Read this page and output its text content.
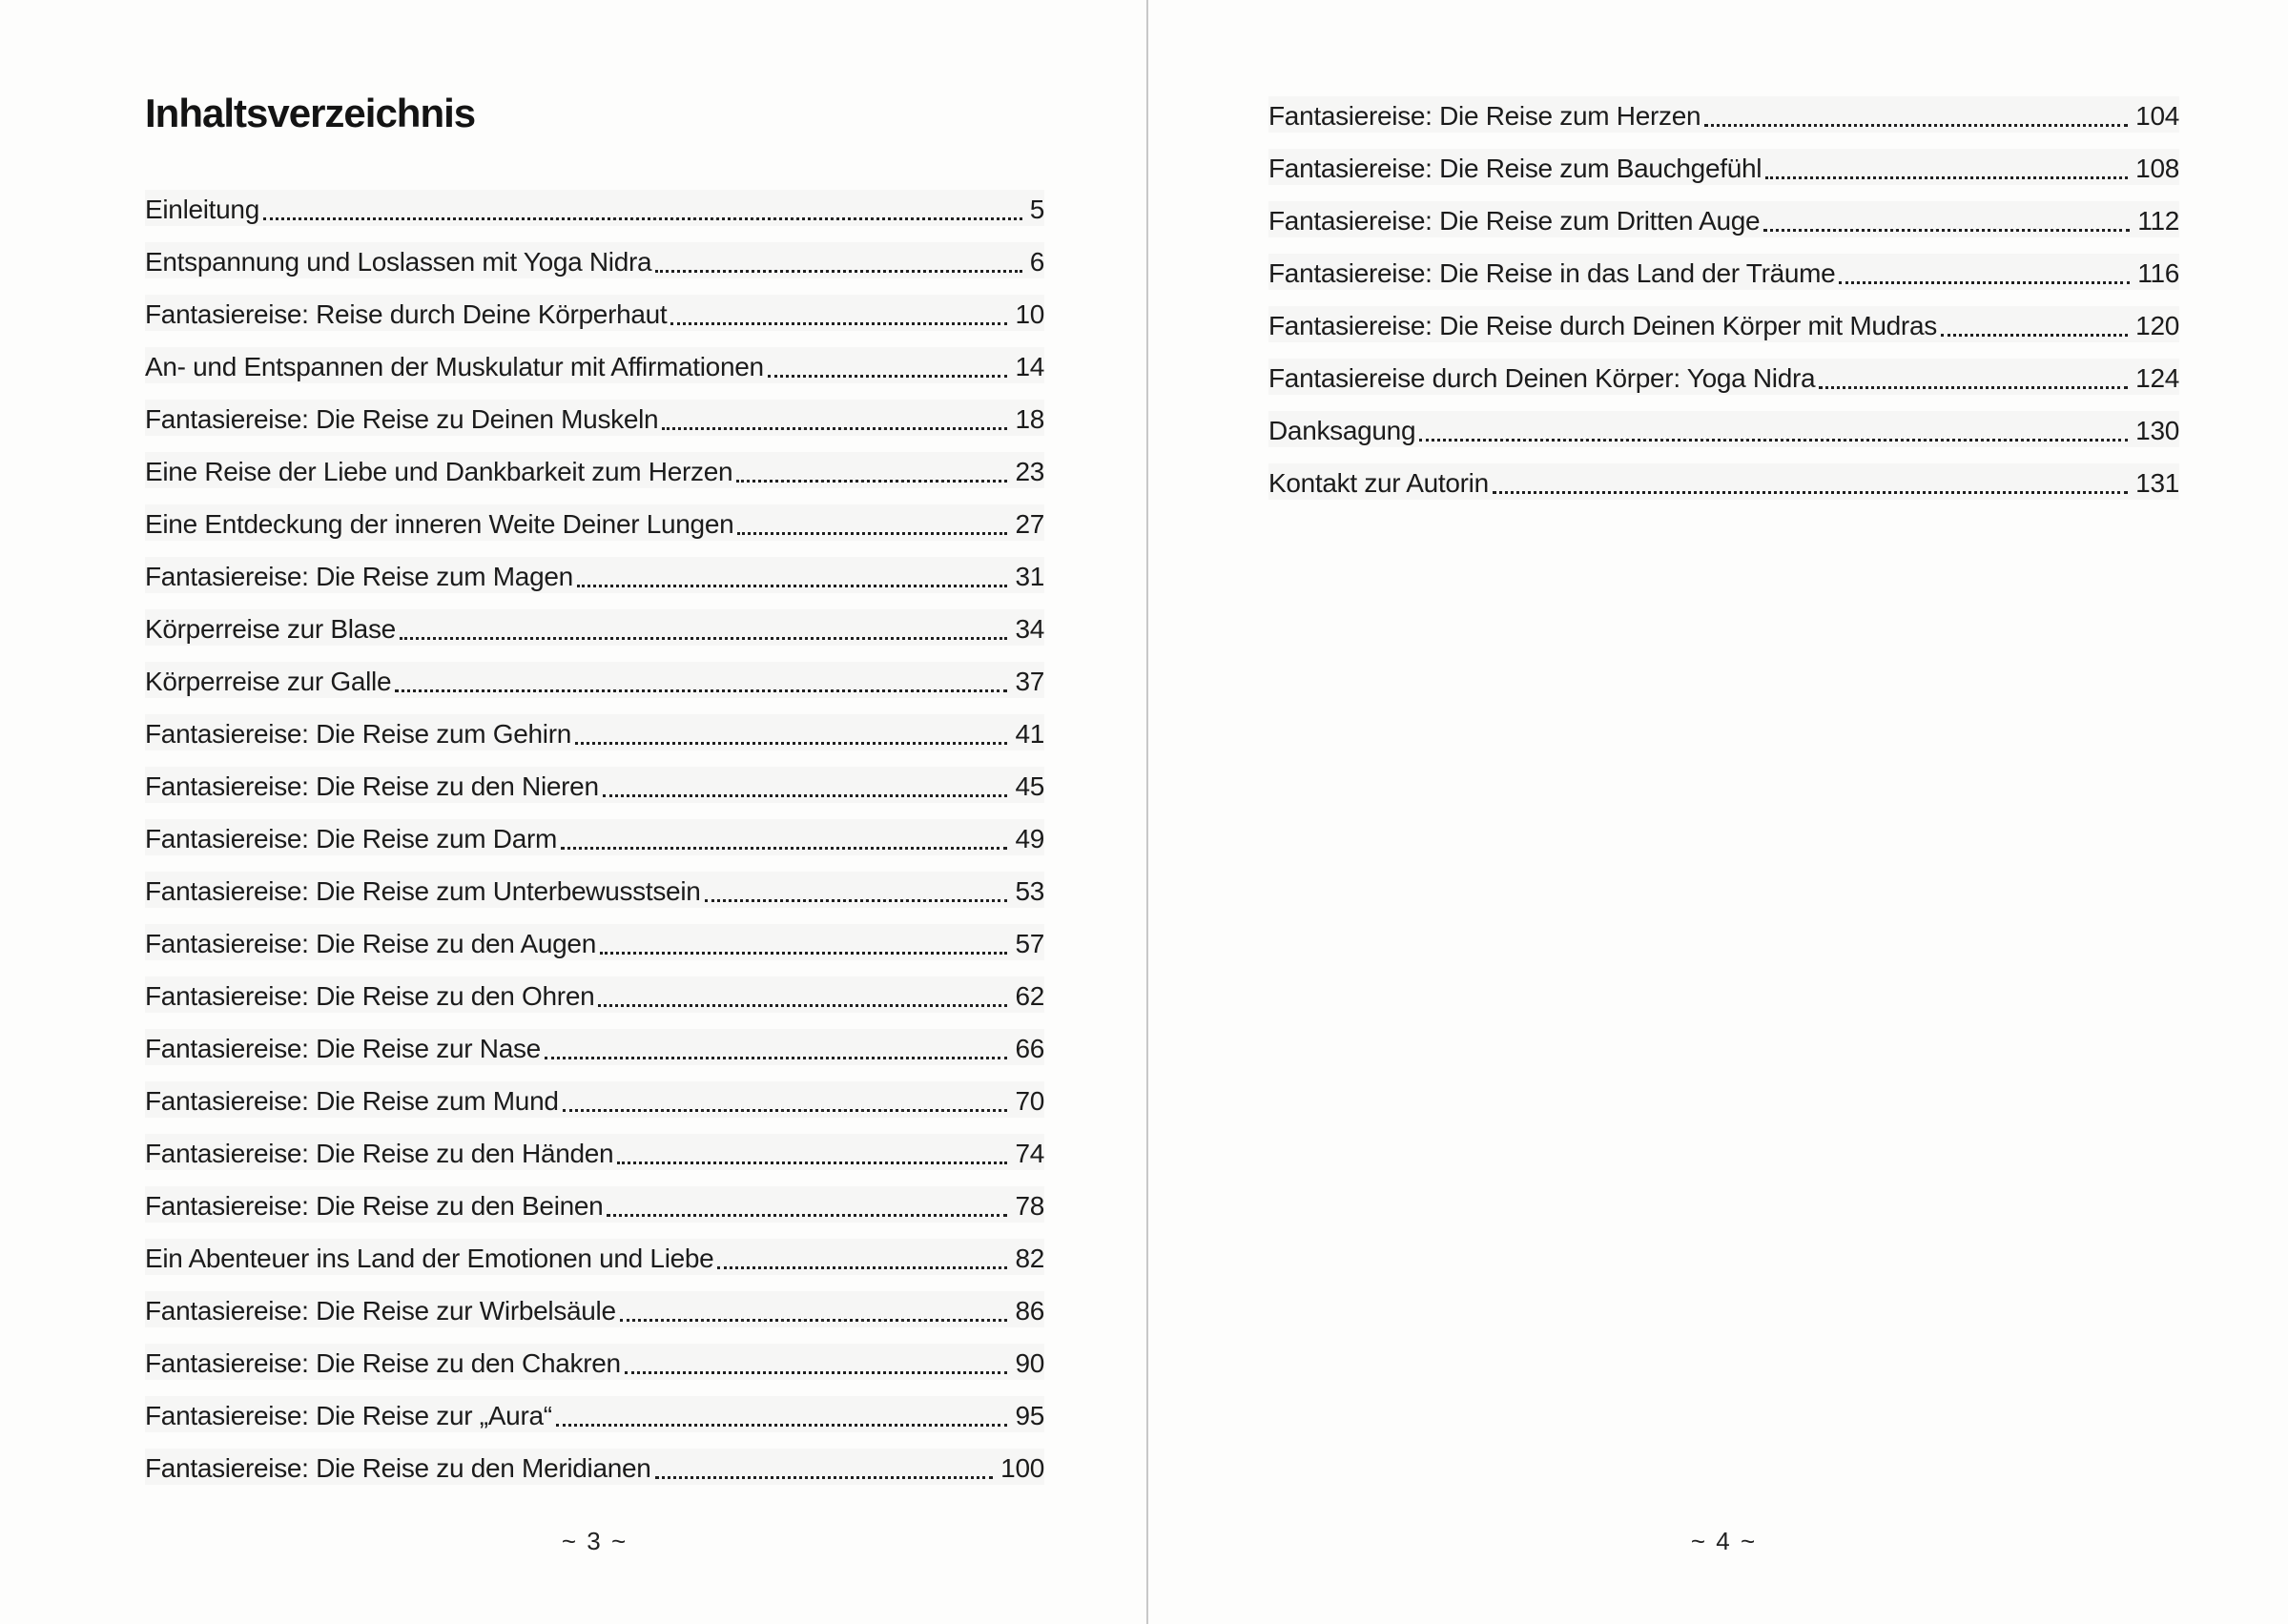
Inhaltsverzeichnis
Einleitung	5
Entspannung und Loslassen mit Yoga Nidra	6
Fantasiereise: Reise durch Deine Körperhaut	10
An- und Entspannen der Muskulatur mit Affirmationen	14
Fantasiereise: Die Reise zu Deinen Muskeln	18
Eine Reise der Liebe und Dankbarkeit zum Herzen	23
Eine Entdeckung der inneren Weite Deiner Lungen	27
Fantasiereise: Die Reise zum Magen	31
Körperreise zur Blase	34
Körperreise zur Galle	37
Fantasiereise: Die Reise zum Gehirn	41
Fantasiereise: Die Reise zu den Nieren	45
Fantasiereise: Die Reise zum Darm	49
Fantasiereise: Die Reise zum Unterbewusstsein	53
Fantasiereise: Die Reise zu den Augen	57
Fantasiereise: Die Reise zu den Ohren	62
Fantasiereise: Die Reise zur Nase	66
Fantasiereise: Die Reise zum Mund	70
Fantasiereise: Die Reise zu den Händen	74
Fantasiereise: Die Reise zu den Beinen	78
Ein Abenteuer ins Land der Emotionen und Liebe	82
Fantasiereise: Die Reise zur Wirbelsäule	86
Fantasiereise: Die Reise zu den Chakren	90
Fantasiereise: Die Reise zur „Aura“	95
Fantasiereise: Die Reise zu den Meridianen	100
~ 3 ~
Fantasiereise: Die Reise zum Herzen	104
Fantasiereise: Die Reise zum Bauchgefühl	108
Fantasiereise: Die Reise zum Dritten Auge	112
Fantasiereise: Die Reise in das Land der Träume	116
Fantasiereise: Die Reise durch Deinen Körper mit Mudras	120
Fantasiereise durch Deinen Körper: Yoga Nidra	124
Danksagung	130
Kontakt zur Autorin	131
~ 4 ~
